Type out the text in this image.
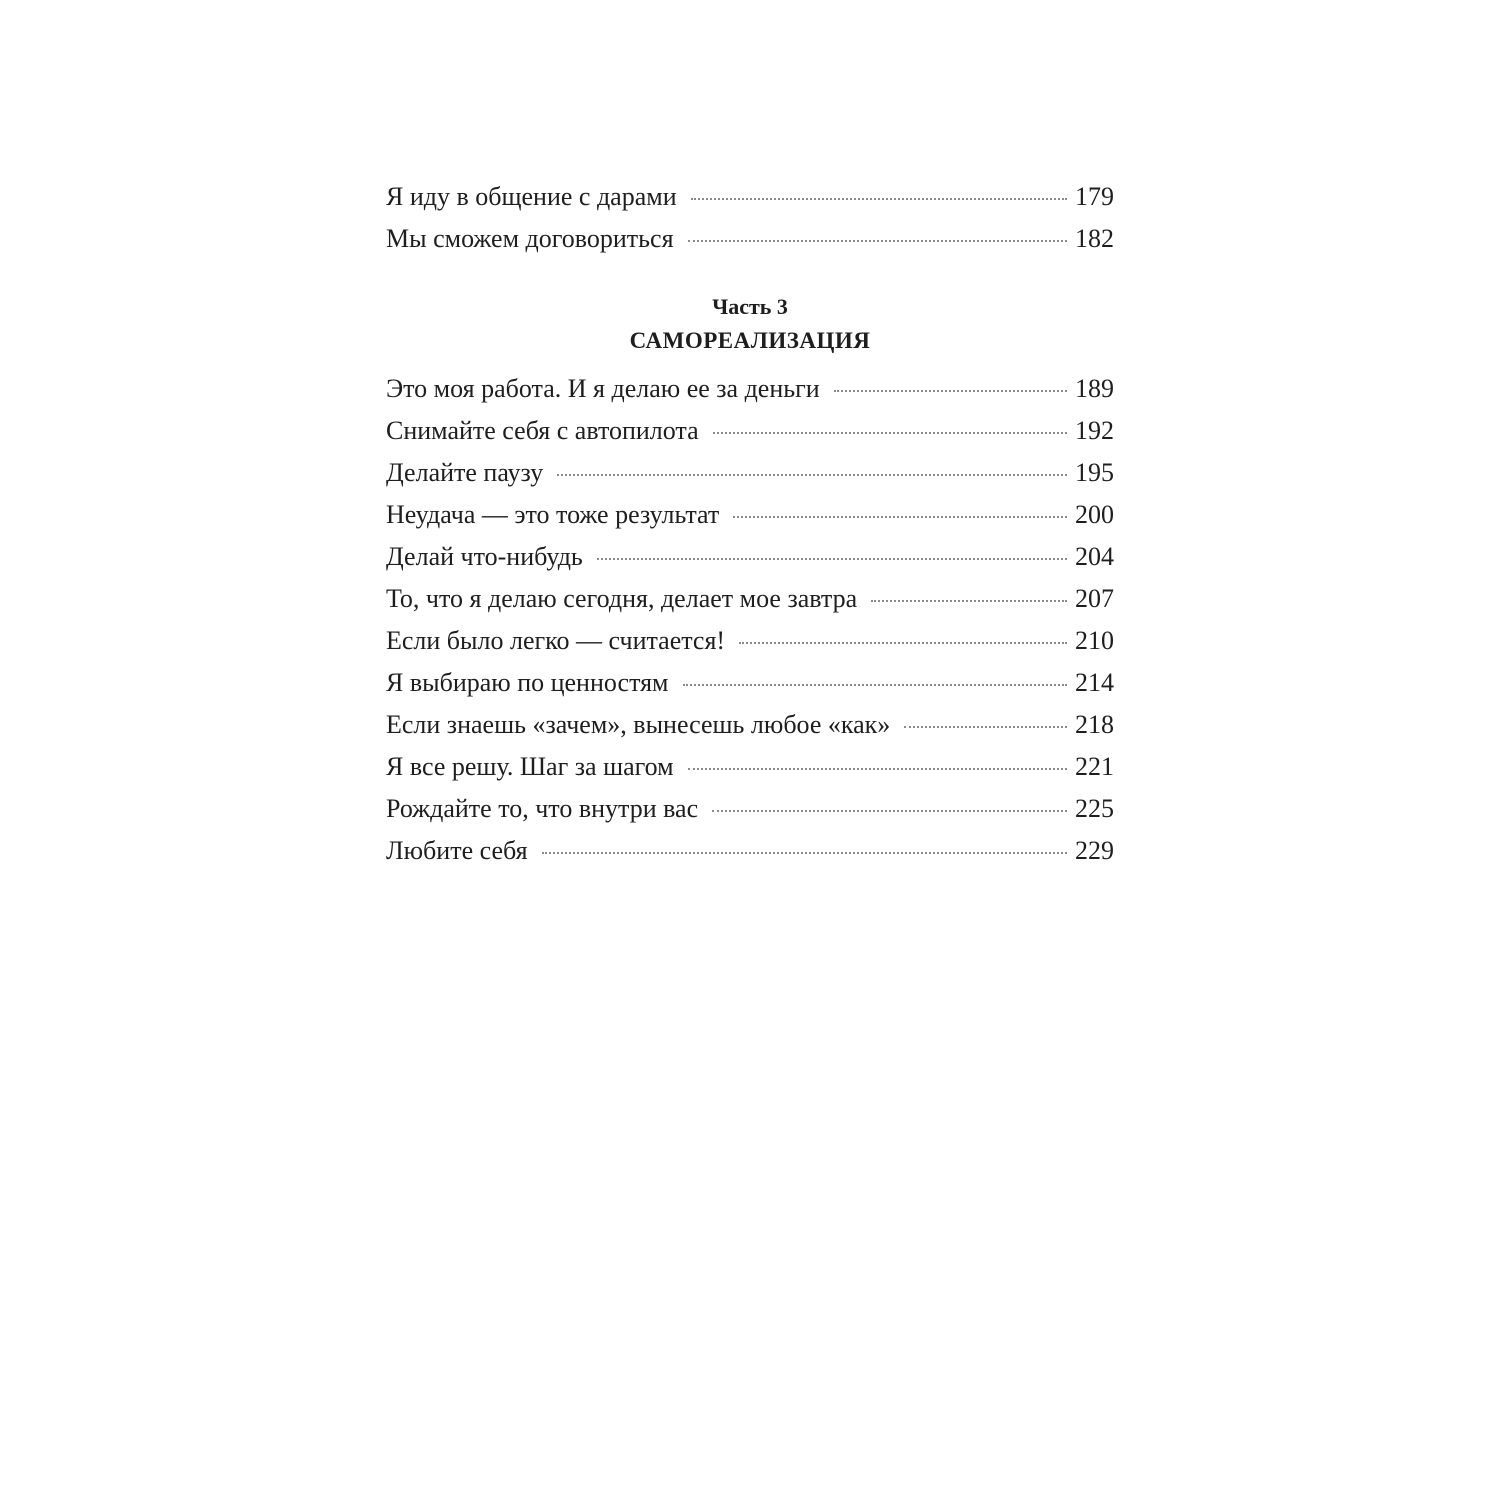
Я иду в общение с дарами	179
Мы сможем договориться	182
Часть 3
САМОРЕАЛИЗАЦИЯ
Это моя работа. И я делаю ее за деньги	189
Снимайте себя с автопилота	192
Делайте паузу	195
Неудача — это тоже результат	200
Делай что-нибудь	204
То, что я делаю сегодня, делает мое завтра	207
Если было легко — считается!	210
Я выбираю по ценностям	214
Если знаешь «зачем», вынесешь любое «как»	218
Я все решу. Шаг за шагом	221
Рождайте то, что внутри вас	225
Любите себя	229
